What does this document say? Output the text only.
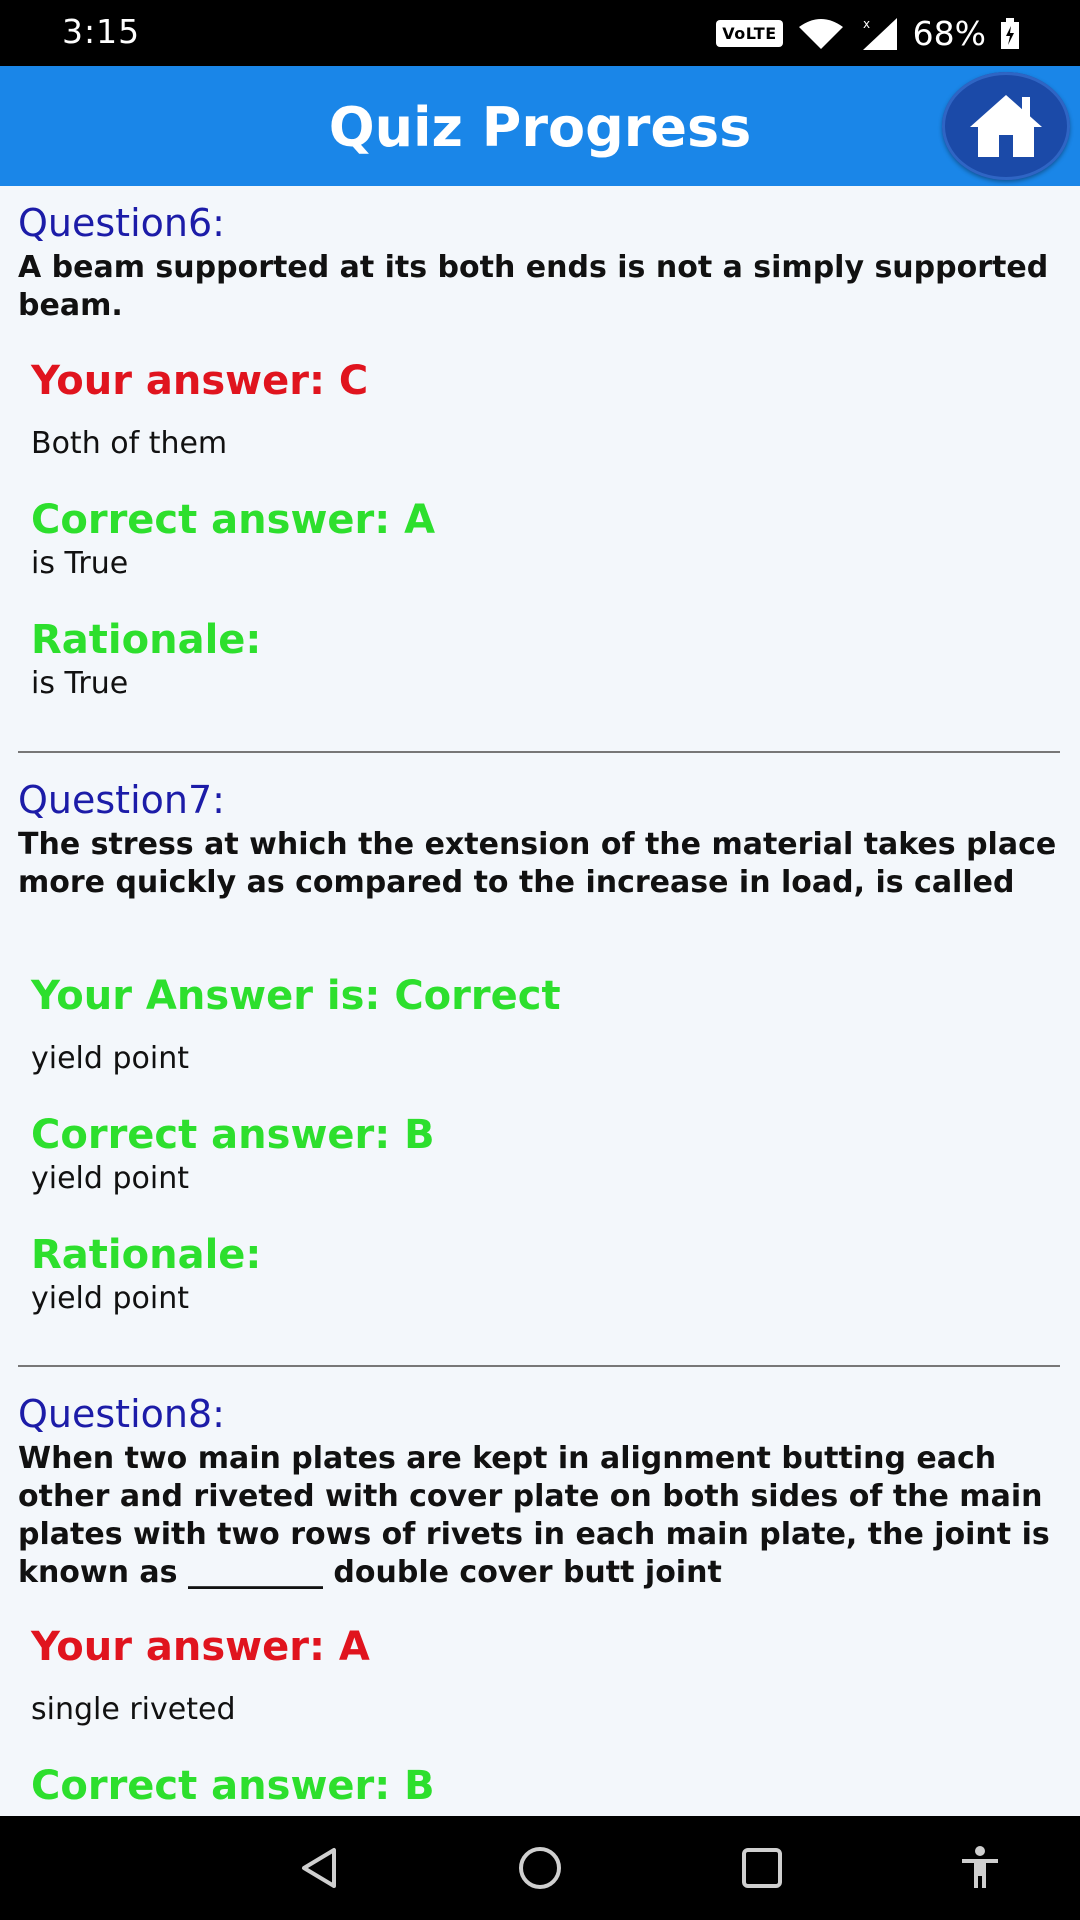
3:15	VoLTE
x 68%
Quiz Progress
Question6:
A beam supported at its both ends is not a simply supported beam.
Your answer: C
Both of them
Correct answer: A
is True
Rationale:
is True
Question7:
The stress at which the extension of the material takes place more quickly as compared to the increase in load, is called
Your Answer is: Correct
yield point
Correct answer: B
yield point
Rationale:
yield point
Question8:
When two main plates are kept in alignment butting each other and riveted with cover plate on both sides of the main plates with two rows of rivets in each main plate, the joint is known as _________ double cover butt joint
Your answer: A
single riveted
Correct answer: B
